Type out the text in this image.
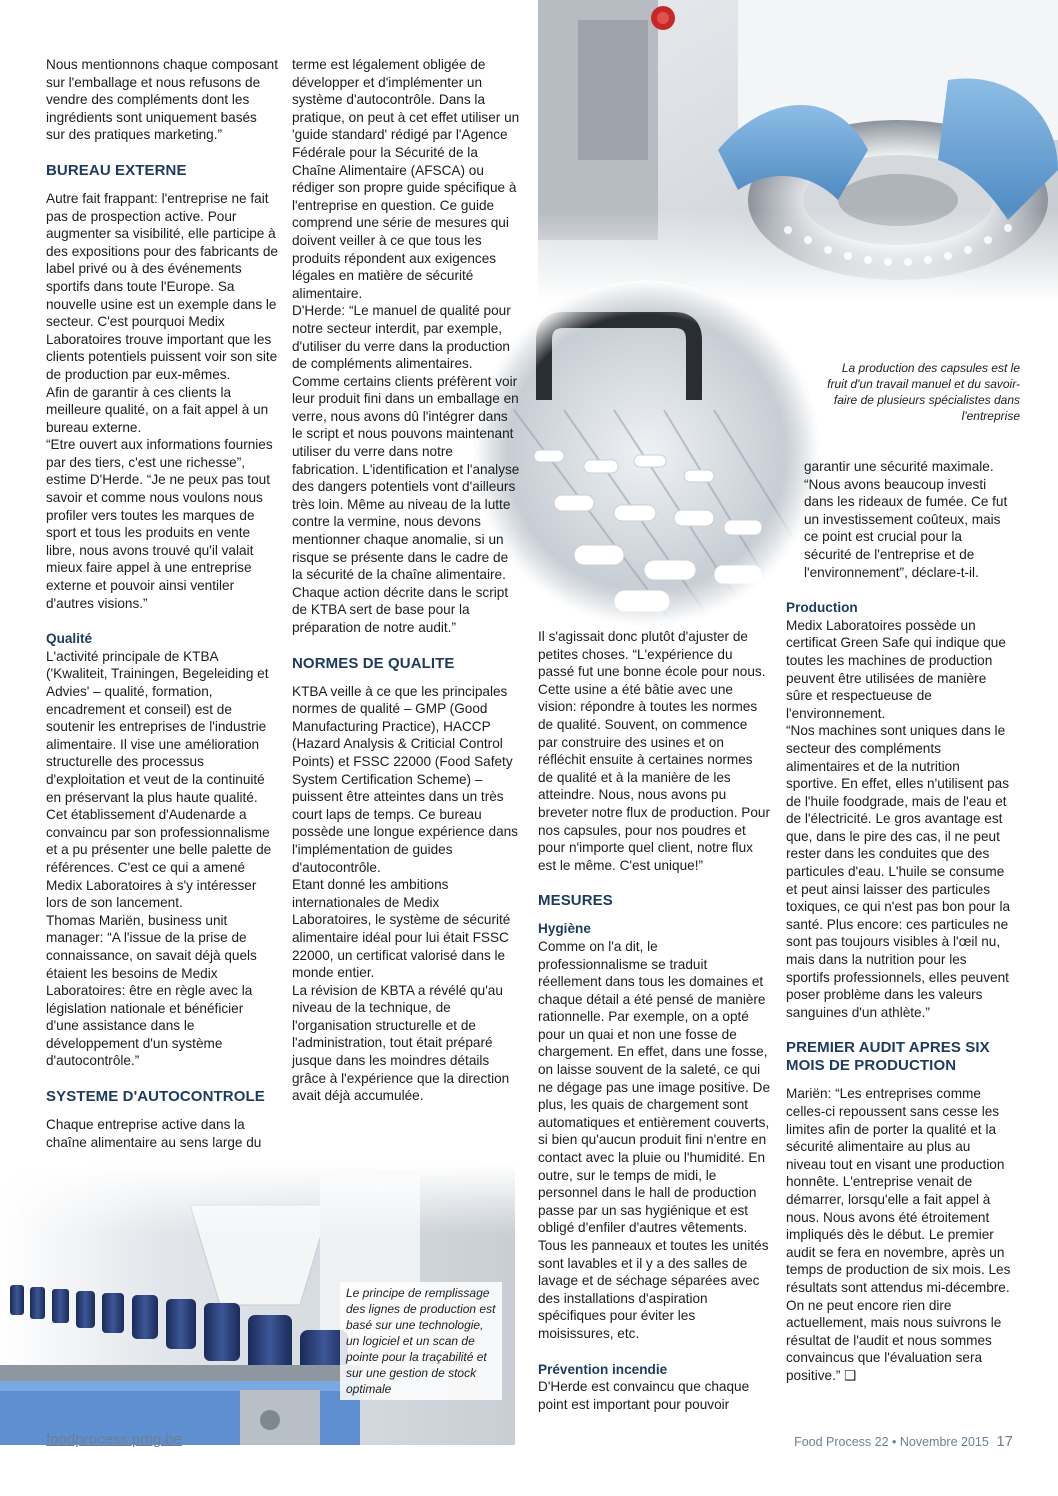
Nous mentionnons chaque composant sur l'emballage et nous refusons de vendre des compléments dont les ingrédients sont uniquement basés sur des pratiques marketing.”

BUREAU EXTERNE

Autre fait frappant: l'entreprise ne fait pas de prospection active. Pour augmenter sa visibilité, elle participe à des expositions pour des fabricants de label privé ou à des événements sportifs dans toute l'Europe. Sa nouvelle usine est un exemple dans le secteur. C'est pourquoi Medix Laboratoires trouve important que les clients potentiels puissent voir son site de production par eux-mêmes.

Afin de garantir à ces clients la meilleure qualité, on a fait appel à un bureau externe.

“Etre ouvert aux informations fournies par des tiers, c'est une richesse”, estime D'Herde. “Je ne peux pas tout savoir et comme nous voulons nous profiler vers toutes les marques de sport et tous les produits en vente libre, nous avons trouvé qu'il valait mieux faire appel à une entreprise externe et pouvoir ainsi ventiler d'autres visions.”

Qualité

L'activité principale de KTBA ('Kwaliteit, Trainingen, Begeleiding et Advies' – qualité, formation, encadrement et conseil) est de soutenir les entreprises de l'industrie alimentaire. Il vise une amélioration structurelle des processus d'exploitation et veut de la continuité en préservant la plus haute qualité. Cet établissement d'Audenarde a convaincu par son professionnalisme et a pu présenter une belle palette de références. C'est ce qui a amené Medix Laboratoires à s'y intéresser lors de son lancement.

Thomas Mariën, business unit manager: “A l'issue de la prise de connaissance, on savait déjà quels étaient les besoins de Medix Laboratoires: être en règle avec la législation nationale et bénéficier d'une assistance dans le développement d'un système d'autocontrôle.”

SYSTEME D'AUTOCONTROLE

Chaque entreprise active dans la chaîne alimentaire au sens large du

terme est légalement obligée de développer et d'implémenter un système d'autocontrôle. Dans la pratique, on peut à cet effet utiliser un 'guide standard' rédigé par l'Agence Fédérale pour la Sécurité de la Chaîne Alimentaire (AFSCA) ou rédiger son propre guide spécifique à l'entreprise en question. Ce guide comprend une série de mesures qui doivent veiller à ce que tous les produits répondent aux exigences légales en matière de sécurité alimentaire.

D'Herde: “Le manuel de qualité pour notre secteur interdit, par exemple, d'utiliser du verre dans la production de compléments alimentaires. Comme certains clients préfèrent voir leur produit fini dans un emballage en verre, nous avons dû l'intégrer dans le script et nous pouvons maintenant utiliser du verre dans notre fabrication. L'identification et l'analyse des dangers potentiels vont d'ailleurs très loin. Même au niveau de la lutte contre la vermine, nous devons mentionner chaque anomalie, si un risque se présente dans le cadre de la sécurité de la chaîne alimentaire. Chaque action décrite dans le script de KTBA sert de base pour la préparation de notre audit.”

NORMES DE QUALITE

KTBA veille à ce que les principales normes de qualité – GMP (Good Manufacturing Practice), HACCP (Hazard Analysis & Criticial Control Points) et FSSC 22000 (Food Safety System Certification Scheme) – puissent être atteintes dans un très court laps de temps. Ce bureau possède une longue expérience dans l'implémentation de guides d'autocontrôle.

Etant donné les ambitions internationales de Medix Laboratoires, le système de sécurité alimentaire idéal pour lui était FSSC 22000, un certificat valorisé dans le monde entier.

La révision de KBTA a révélé qu'au niveau de la technique, de l'organisation structurelle et de l'administration, tout était préparé jusque dans les moindres détails grâce à l'expérience que la direction avait déjà accumulée.

Il s'agissait donc plutôt d'ajuster de petites choses. “L'expérience du passé fut une bonne école pour nous. Cette usine a été bâtie avec une vision: répondre à toutes les normes de qualité. Souvent, on commence par construire des usines et on réfléchit ensuite à certaines normes de qualité et à la manière de les atteindre. Nous, nous avons pu breveter notre flux de production. Pour nos capsules, pour nos poudres et pour n'importe quel client, notre flux est le même. C'est unique!”

MESURES
Hygiène

Comme on l'a dit, le professionnalisme se traduit réellement dans tous les domaines et chaque détail a été pensé de manière rationnelle. Par exemple, on a opté pour un quai et non une fosse de chargement. En effet, dans une fosse, on laisse souvent de la saleté, ce qui ne dégage pas une image positive. De plus, les quais de chargement sont automatiques et entièrement couverts, si bien qu'aucun produit fini n'entre en contact avec la pluie ou l'humidité. En outre, sur le temps de midi, le personnel dans le hall de production passe par un sas hygiénique et est obligé d'enfiler d'autres vêtements. Tous les panneaux et toutes les unités sont lavables et il y a des salles de lavage et de séchage séparées avec des installations d'aspiration spécifiques pour éviter les moisissures, etc.

Prévention incendie

D'Herde est convaincu que chaque point est important pour pouvoir

garantir une sécurité maximale. “Nous avons beaucoup investi dans les rideaux de fumée. Ce fut un investissement coûteux, mais ce point est crucial pour la sécurité de l'entreprise et de l'environnement”, déclare-t-il.

Production

Medix Laboratoires possède un certificat Green Safe qui indique que toutes les machines de production peuvent être utilisées de manière sûre et respectueuse de l'environnement.

“Nos machines sont uniques dans le secteur des compléments alimentaires et de la nutrition sportive. En effet, elles n'utilisent pas de l'huile foodgrade, mais de l'eau et de l'électricité. Le gros avantage est que, dans le pire des cas, il ne peut rester dans les conduites que des particules d'eau. L'huile se consume et peut ainsi laisser des particules toxiques, ce qui n'est pas bon pour la santé. Plus encore: ces particules ne sont pas toujours visibles à l'œil nu, mais dans la nutrition pour les sportifs professionnels, elles peuvent poser problème dans les valeurs sanguines d'un athlète.”

PREMIER AUDIT APRES SIX MOIS DE PRODUCTION

Mariën: “Les entreprises comme celles-ci repoussent sans cesse les limites afin de porter la qualité et la sécurité alimentaire au plus au niveau tout en visant une production honnête. L'entreprise venait de démarrer, lorsqu'elle a fait appel à nous. Nous avons été étroitement impliqués dès le début. Le premier audit se fera en novembre, après un temps de production de six mois. Les résultats sont attendus mi-décembre.

On ne peut encore rien dire actuellement, mais nous suivrons le résultat de l'audit et nous sommes convaincus que l'évaluation sera positive.” ❑

La production des capsules est le fruit d'un travail manuel et du savoir-faire de plusieurs spécialistes dans l'entreprise
Le principe de remplissage des lignes de production est basé sur une technologie, un logiciel et un scan de pointe pour la traçabilité et sur une gestion de stock optimale
foodprocess.pmg.be	Food Process 22 • Novembre 2015 17
